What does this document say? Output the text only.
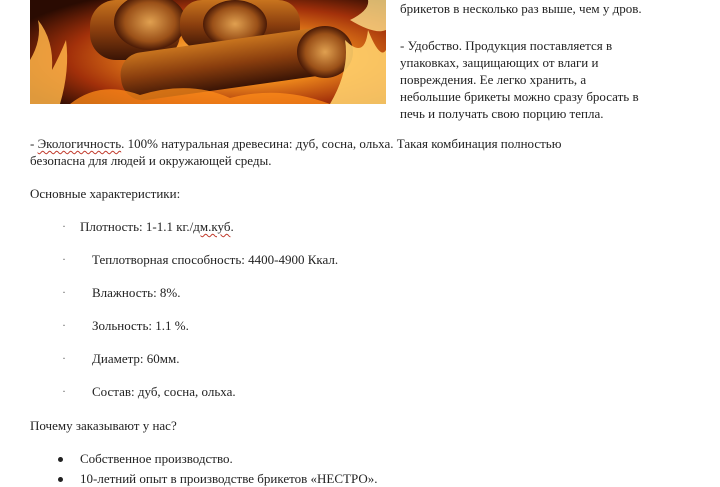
брикетов в несколько раз выше, чем у дров.
- Удобство. Продукция поставляется в
упаковках, защищающих от влаги и
повреждения. Ее легко хранить, а
небольшие брикеты можно сразу бросать в
печь и получать свою порцию тепла.
- Экологичность. 100% натуральная древесина: дуб, сосна, ольха. Такая комбинация полностью
безопасна для людей и окружающей среды.
Основные характеристики:
· Плотность: 1-1.1 кг./дм.куб.
· Теплотворная способность: 4400-4900 Ккал.
· Влажность: 8%.
· Зольность: 1.1 %.
· Диаметр: 60мм.
· Состав: дуб, сосна, ольха.
Почему заказывают у нас?
Собственное производство.
10-летний опыт в производстве брикетов «НЕСТРО».
